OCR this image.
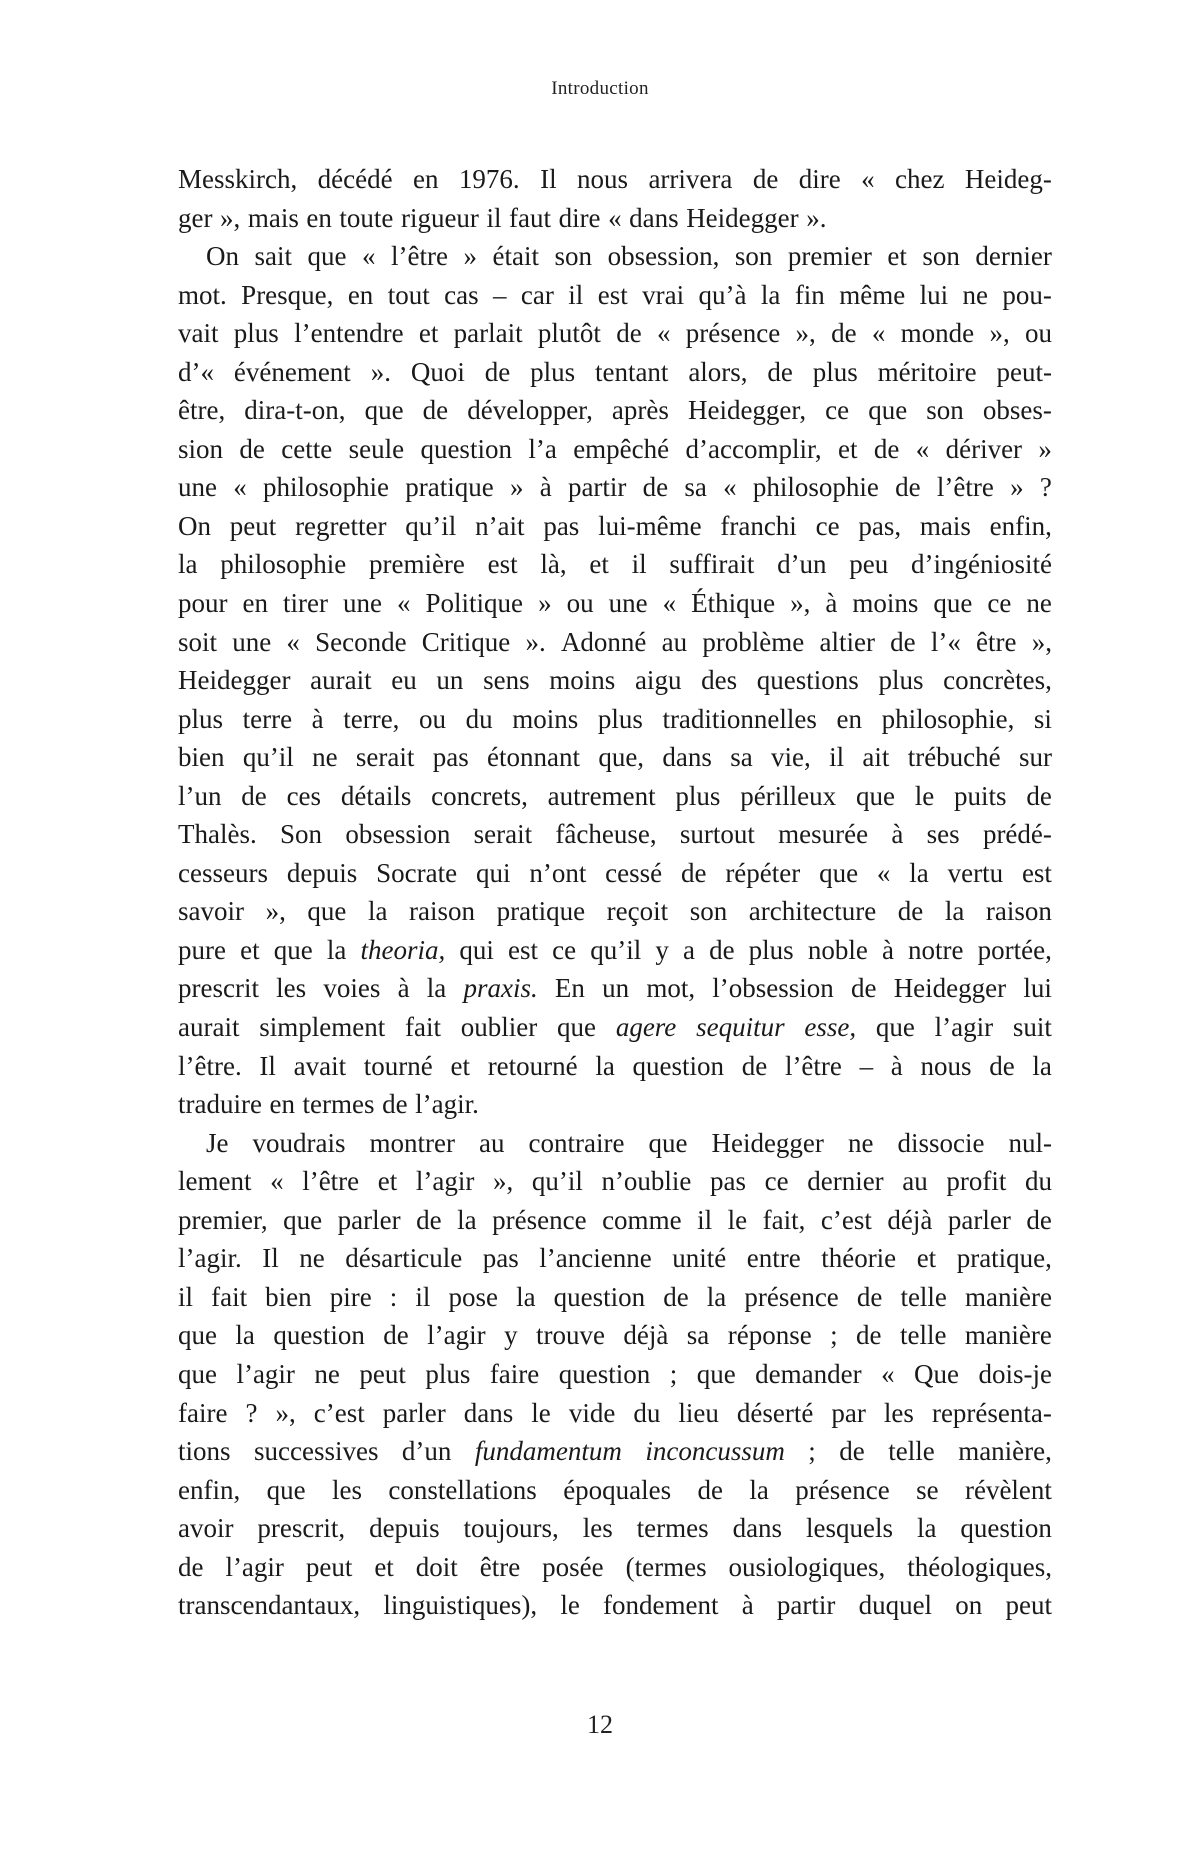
Introduction
Messkirch, décédé en 1976. Il nous arrivera de dire « chez Heideg-
ger », mais en toute rigueur il faut dire « dans Heidegger ».
On sait que « l’être » était son obsession, son premier et son dernier
mot. Presque, en tout cas – car il est vrai qu’à la fin même lui ne pou-
vait plus l’entendre et parlait plutôt de « présence », de « monde », ou
d’« événement ». Quoi de plus tentant alors, de plus méritoire peut-
être, dira-t-on, que de développer, après Heidegger, ce que son obses-
sion de cette seule question l’a empêché d’accomplir, et de « dériver »
une « philosophie pratique » à partir de sa « philosophie de l’être » ?
On peut regretter qu’il n’ait pas lui-même franchi ce pas, mais enfin,
la philosophie première est là, et il suffirait d’un peu d’ingéniosité
pour en tirer une « Politique » ou une « Éthique », à moins que ce ne
soit une « Seconde Critique ». Adonné au problème altier de l’« être »,
Heidegger aurait eu un sens moins aigu des questions plus concrètes,
plus terre à terre, ou du moins plus traditionnelles en philosophie, si
bien qu’il ne serait pas étonnant que, dans sa vie, il ait trébuché sur
l’un de ces détails concrets, autrement plus périlleux que le puits de
Thalès. Son obsession serait fâcheuse, surtout mesurée à ses prédé-
cesseurs depuis Socrate qui n’ont cessé de répéter que « la vertu est
savoir », que la raison pratique reçoit son architecture de la raison
pure et que la theoria, qui est ce qu’il y a de plus noble à notre portée,
prescrit les voies à la praxis. En un mot, l’obsession de Heidegger lui
aurait simplement fait oublier que agere sequitur esse, que l’agir suit
l’être. Il avait tourné et retourné la question de l’être – à nous de la
traduire en termes de l’agir.
Je voudrais montrer au contraire que Heidegger ne dissocie nul-
lement « l’être et l’agir », qu’il n’oublie pas ce dernier au profit du
premier, que parler de la présence comme il le fait, c’est déjà parler de
l’agir. Il ne désarticule pas l’ancienne unité entre théorie et pratique,
il fait bien pire : il pose la question de la présence de telle manière
que la question de l’agir y trouve déjà sa réponse ; de telle manière
que l’agir ne peut plus faire question ; que demander « Que dois-je
faire ? », c’est parler dans le vide du lieu déserté par les représenta-
tions successives d’un fundamentum inconcussum ; de telle manière,
enfin, que les constellations époquales de la présence se révèlent
avoir prescrit, depuis toujours, les termes dans lesquels la question
de l’agir peut et doit être posée (termes ousiologiques, théologiques,
transcendantaux, linguistiques), le fondement à partir duquel on peut
12
